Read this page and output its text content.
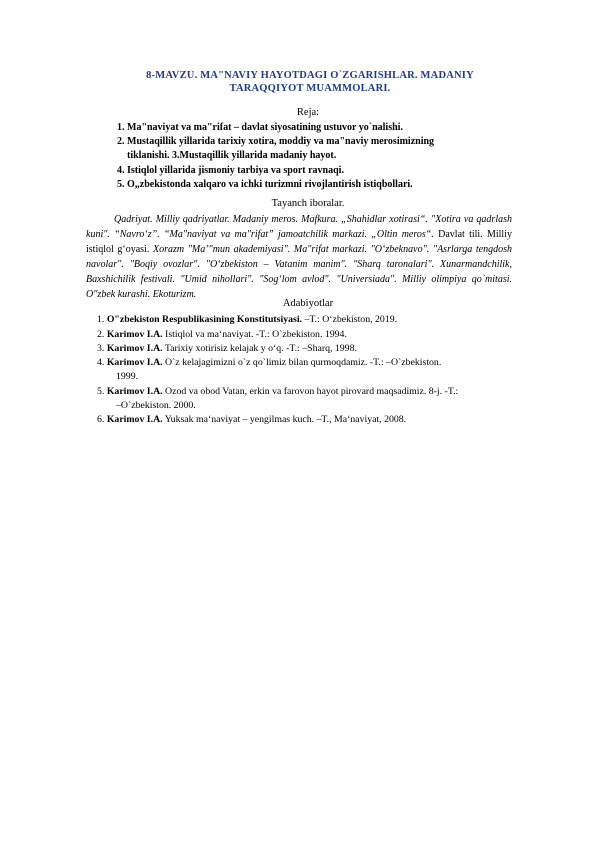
8-MAVZU. MA"NAVIY HAYOTDAGI O`ZGARISHLAR. MADANIY
TARAQQIYOT MUAMMOLARI.
Reja:
1. Ma"naviyat va ma"rifat – davlat siyosatining ustuvor yo`nalishi.
2. Mustaqillik yillarida tarixiy xotira, moddiy va ma"naviy merosimizning
tiklanishi. 3.Mustaqillik yillarida madaniy hayot.
4. Istiqlol yillarida jismoniy tarbiya va sport ravnaqi.
5. O„zbekistonda xalqaro va ichki turizmni rivojlantirish istiqbollari.
Tayanch iboralar.
Qadriyat. Milliy qadriyatlar. Madaniy meros. Mafkura. „Shahidlar xotirasi“. "Xotira va qadrlash kuni". “Navro‘z”. “Ma"naviyat va ma"rifat” jamoatchilik markazi. „Oltin meros“. Davlat tili. Milliy istiqlol g‘oyasi. Xorazm "Ma’"mun akademiyasi". Ma"rifat markazi. "O‘zbeknavo". "Asrlarga tengdosh navolar". "Boqiy ovozlar". "O‘zbekiston – Vatanim manim". "Sharq taronalari". Xunarmandchilik, Baxshichilik festivali. "Umid nihollari". "Sog‘lom avlod". "Universiada". Milliy olimpiya qo`mitasi. O"zbek kurashi. Ekoturizm.
Adabiyotlar
1. O"zbekiston Respublikasining Konstitutsiyasi. –T.: O‘zbekiston, 2019.
2. Karimov I.A. Istiqlol va ma‘naviyat. -T.: O`zbekiston. 1994.
3. Karimov I.A. Tarixiy xotirisiz kelajak y o‘q. -T.: –Sharq, 1998.
4. Karimov I.A. O`z kelajagimizni o`z qo`limiz bilan qurmoqdamiz. -T.: –O`zbekiston.
1999.
5. Karimov I.A. Ozod va obod Vatan, erkin va farovon hayot pirovard maqsadimiz. 8-j. -T.:
–O`zbekiston. 2000.
6. Karimov I.A. Yuksak ma‘naviyat – yengilmas kuch. –T., Ma‘naviyat, 2008.
